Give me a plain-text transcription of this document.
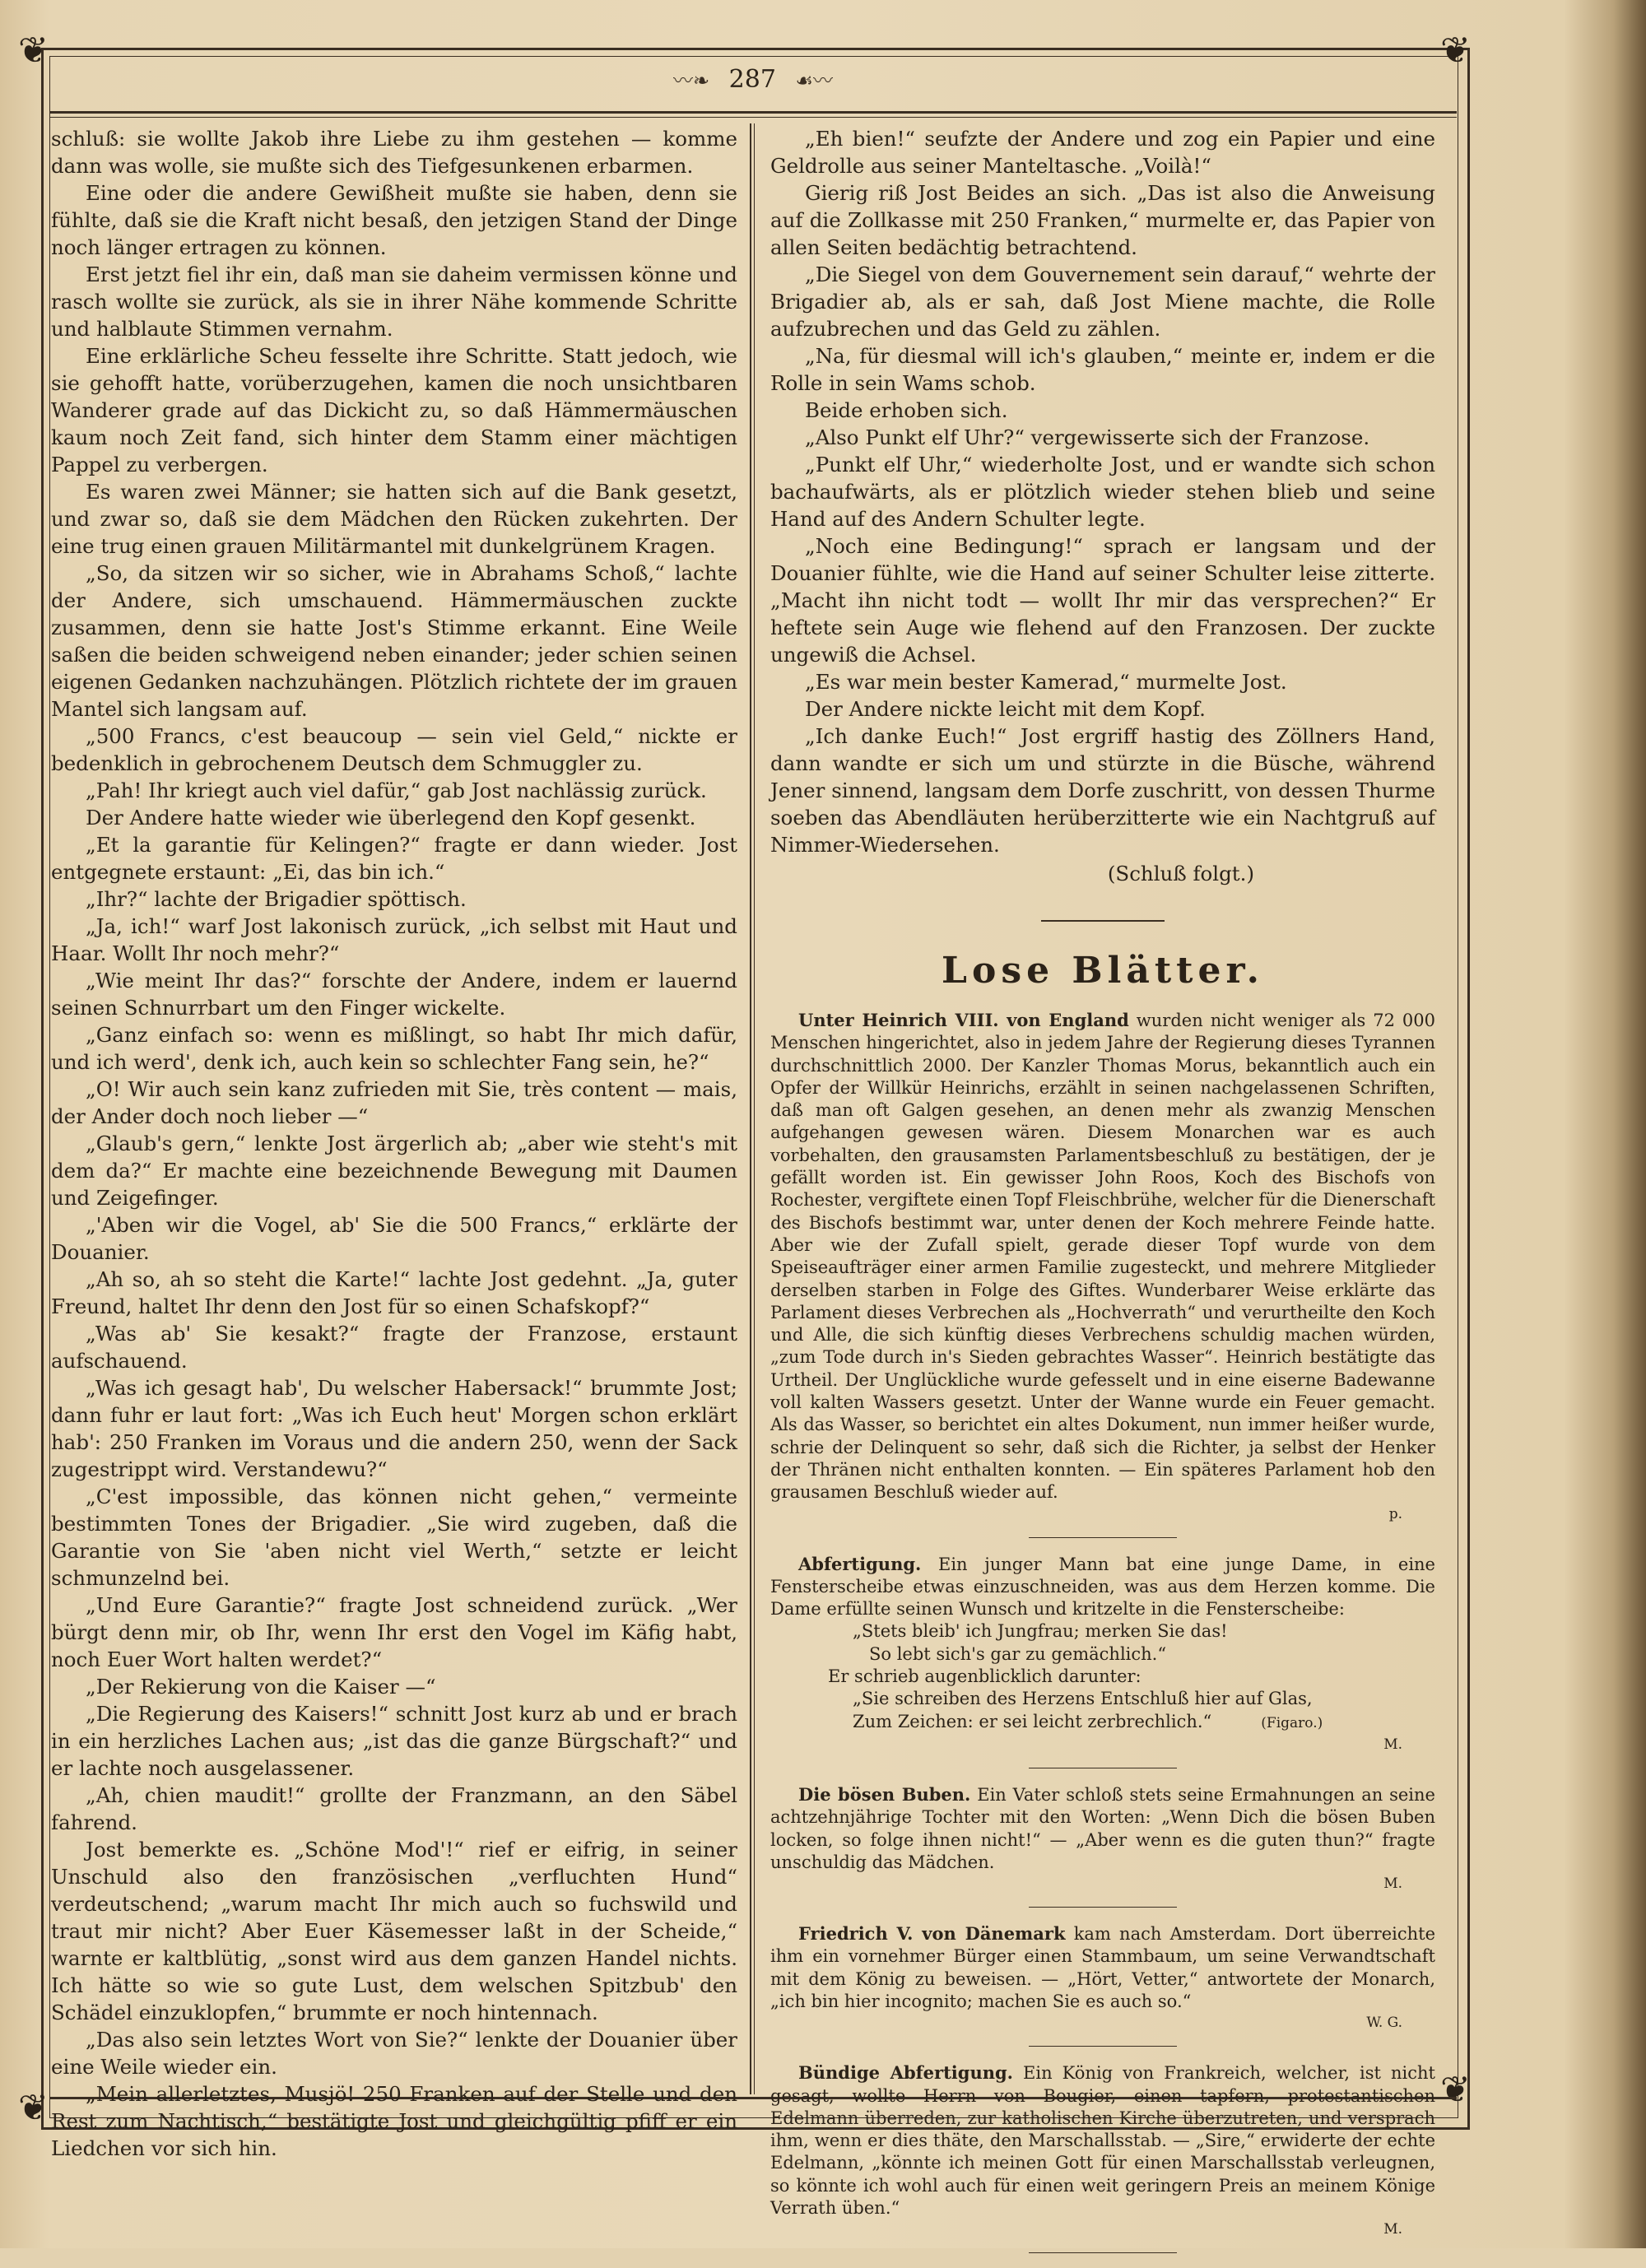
❦	❦
❦	❦
〰❧ 287 ☙〰

schluß: sie wollte Jakob ihre Liebe zu ihm gestehen — komme dann was wolle, sie mußte sich des Tiefgesunkenen erbarmen.

Eine oder die andere Gewißheit mußte sie haben, denn sie fühlte, daß sie die Kraft nicht besaß, den jetzigen Stand der Dinge noch länger ertragen zu können.

Erst jetzt fiel ihr ein, daß man sie daheim vermissen könne und rasch wollte sie zurück, als sie in ihrer Nähe kommende Schritte und halblaute Stimmen vernahm.

Eine erklärliche Scheu fesselte ihre Schritte. Statt jedoch, wie sie gehofft hatte, vorüberzugehen, kamen die noch unsichtbaren Wanderer grade auf das Dickicht zu, so daß Hämmermäuschen kaum noch Zeit fand, sich hinter dem Stamm einer mächtigen Pappel zu verbergen.

Es waren zwei Männer; sie hatten sich auf die Bank gesetzt, und zwar so, daß sie dem Mädchen den Rücken zukehrten. Der eine trug einen grauen Militärmantel mit dunkelgrünem Kragen.

„So, da sitzen wir so sicher, wie in Abrahams Schoß,“ lachte der Andere, sich umschauend. Hämmermäuschen zuckte zusammen, denn sie hatte Jost's Stimme erkannt. Eine Weile saßen die beiden schweigend neben einander; jeder schien seinen eigenen Gedanken nachzuhängen. Plötzlich richtete der im grauen Mantel sich langsam auf.

„500 Francs, c'est beaucoup — sein viel Geld,“ nickte er bedenklich in gebrochenem Deutsch dem Schmuggler zu.

„Pah! Ihr kriegt auch viel dafür,“ gab Jost nachlässig zurück.

Der Andere hatte wieder wie überlegend den Kopf gesenkt.

„Et la garantie für Kelingen?“ fragte er dann wieder. Jost entgegnete erstaunt: „Ei, das bin ich.“

„Ihr?“ lachte der Brigadier spöttisch.

„Ja, ich!“ warf Jost lakonisch zurück, „ich selbst mit Haut und Haar. Wollt Ihr noch mehr?“

„Wie meint Ihr das?“ forschte der Andere, indem er lauernd seinen Schnurrbart um den Finger wickelte.

„Ganz einfach so: wenn es mißlingt, so habt Ihr mich dafür, und ich werd', denk ich, auch kein so schlechter Fang sein, he?“

„O! Wir auch sein kanz zufrieden mit Sie, très content — mais, der Ander doch noch lieber —“

„Glaub's gern,“ lenkte Jost ärgerlich ab; „aber wie steht's mit dem da?“ Er machte eine bezeichnende Bewegung mit Daumen und Zeigefinger.

„'Aben wir die Vogel, ab' Sie die 500 Francs,“ erklärte der Douanier.

„Ah so, ah so steht die Karte!“ lachte Jost gedehnt. „Ja, guter Freund, haltet Ihr denn den Jost für so einen Schafskopf?“

„Was ab' Sie kesakt?“ fragte der Franzose, erstaunt aufschauend.

„Was ich gesagt hab', Du welscher Habersack!“ brummte Jost; dann fuhr er laut fort: „Was ich Euch heut' Morgen schon erklärt hab': 250 Franken im Voraus und die andern 250, wenn der Sack zugestrippt wird. Verstandewu?“

„C'est impossible, das können nicht gehen,“ vermeinte bestimmten Tones der Brigadier. „Sie wird zugeben, daß die Garantie von Sie 'aben nicht viel Werth,“ setzte er leicht schmunzelnd bei.

„Und Eure Garantie?“ fragte Jost schneidend zurück. „Wer bürgt denn mir, ob Ihr, wenn Ihr erst den Vogel im Käfig habt, noch Euer Wort halten werdet?“

„Der Rekierung von die Kaiser —“

„Die Regierung des Kaisers!“ schnitt Jost kurz ab und er brach in ein herzliches Lachen aus; „ist das die ganze Bürgschaft?“ und er lachte noch ausgelassener.

„Ah, chien maudit!“ grollte der Franzmann, an den Säbel fahrend.

Jost bemerkte es. „Schöne Mod'!“ rief er eifrig, in seiner Unschuld also den französischen „verfluchten Hund“ verdeutschend; „warum macht Ihr mich auch so fuchswild und traut mir nicht? Aber Euer Käsemesser laßt in der Scheide,“ warnte er kaltblütig, „sonst wird aus dem ganzen Handel nichts. Ich hätte so wie so gute Lust, dem welschen Spitzbub' den Schädel einzuklopfen,“ brummte er noch hintennach.

„Das also sein letztes Wort von Sie?“ lenkte der Douanier über eine Weile wieder ein.

„Mein allerletztes, Musjö! 250 Franken auf der Stelle und den Rest zum Nachtisch,“ bestätigte Jost und gleichgültig pfiff er ein Liedchen vor sich hin.

„Eh bien!“ seufzte der Andere und zog ein Papier und eine Geldrolle aus seiner Manteltasche. „Voilà!“

Gierig riß Jost Beides an sich. „Das ist also die Anweisung auf die Zollkasse mit 250 Franken,“ murmelte er, das Papier von allen Seiten bedächtig betrachtend.

„Die Siegel von dem Gouvernement sein darauf,“ wehrte der Brigadier ab, als er sah, daß Jost Miene machte, die Rolle aufzubrechen und das Geld zu zählen.

„Na, für diesmal will ich's glauben,“ meinte er, indem er die Rolle in sein Wams schob.

Beide erhoben sich.

„Also Punkt elf Uhr?“ vergewisserte sich der Franzose.

„Punkt elf Uhr,“ wiederholte Jost, und er wandte sich schon bachaufwärts, als er plötzlich wieder stehen blieb und seine Hand auf des Andern Schulter legte.

„Noch eine Bedingung!“ sprach er langsam und der Douanier fühlte, wie die Hand auf seiner Schulter leise zitterte. „Macht ihn nicht todt — wollt Ihr mir das versprechen?“ Er heftete sein Auge wie flehend auf den Franzosen. Der zuckte ungewiß die Achsel.

„Es war mein bester Kamerad,“ murmelte Jost.

Der Andere nickte leicht mit dem Kopf.

„Ich danke Euch!“ Jost ergriff hastig des Zöllners Hand, dann wandte er sich um und stürzte in die Büsche, während Jener sinnend, langsam dem Dorfe zuschritt, von dessen Thurme soeben das Abendläuten herüberzitterte wie ein Nachtgruß auf Nimmer-Wiedersehen.

(Schluß folgt.)

Lose Blätter.

Unter Heinrich VIII. von England wurden nicht weniger als 72 000 Menschen hingerichtet, also in jedem Jahre der Regierung dieses Tyrannen durchschnittlich 2000. Der Kanzler Thomas Morus, bekanntlich auch ein Opfer der Willkür Heinrichs, erzählt in seinen nachgelassenen Schriften, daß man oft Galgen gesehen, an denen mehr als zwanzig Menschen aufgehangen gewesen wären. Diesem Monarchen war es auch vorbehalten, den grausamsten Parlamentsbeschluß zu bestätigen, der je gefällt worden ist. Ein gewisser John Roos, Koch des Bischofs von Rochester, vergiftete einen Topf Fleischbrühe, welcher für die Dienerschaft des Bischofs bestimmt war, unter denen der Koch mehrere Feinde hatte. Aber wie der Zufall spielt, gerade dieser Topf wurde von dem Speiseaufträger einer armen Familie zugesteckt, und mehrere Mitglieder derselben starben in Folge des Giftes. Wunderbarer Weise erklärte das Parlament dieses Verbrechen als „Hochverrath“ und verurtheilte den Koch und Alle, die sich künftig dieses Verbrechens schuldig machen würden, „zum Tode durch in's Sieden gebrachtes Wasser“. Heinrich bestätigte das Urtheil. Der Unglückliche wurde gefesselt und in eine eiserne Badewanne voll kalten Wassers gesetzt. Unter der Wanne wurde ein Feuer gemacht. Als das Wasser, so berichtet ein altes Dokument, nun immer heißer wurde, schrie der Delinquent so sehr, daß sich die Richter, ja selbst der Henker der Thränen nicht enthalten konnten. — Ein späteres Parlament hob den grausamen Beschluß wieder auf.

p.

Abfertigung. Ein junger Mann bat eine junge Dame, in eine Fensterscheibe etwas einzuschneiden, was aus dem Herzen komme. Die Dame erfüllte seinen Wunsch und kritzelte in die Fensterscheibe:

„Stets bleib' ich Jungfrau; merken Sie das!

So lebt sich's gar zu gemächlich.“

Er schrieb augenblicklich darunter:

„Sie schreiben des Herzens Entschluß hier auf Glas,

Zum Zeichen: er sei leicht zerbrechlich.“	(Figaro.)

M.

Die bösen Buben. Ein Vater schloß stets seine Ermahnungen an seine achtzehnjährige Tochter mit den Worten: „Wenn Dich die bösen Buben locken, so folge ihnen nicht!“ — „Aber wenn es die guten thun?“ fragte unschuldig das Mädchen.

M.

Friedrich V. von Dänemark kam nach Amsterdam. Dort überreichte ihm ein vornehmer Bürger einen Stammbaum, um seine Verwandtschaft mit dem König zu beweisen. — „Hört, Vetter,“ antwortete der Monarch, „ich bin hier incognito; machen Sie es auch so.“

W. G.

Bündige Abfertigung. Ein König von Frankreich, welcher, ist nicht gesagt, wollte Herrn von Bougier, einen tapfern, protestantischen Edelmann überreden, zur katholischen Kirche überzutreten, und versprach ihm, wenn er dies thäte, den Marschallsstab. — „Sire,“ erwiderte der echte Edelmann, „könnte ich meinen Gott für einen Marschallsstab verleugnen, so könnte ich wohl auch für einen weit geringern Preis an meinem Könige Verrath üben.“

M.
